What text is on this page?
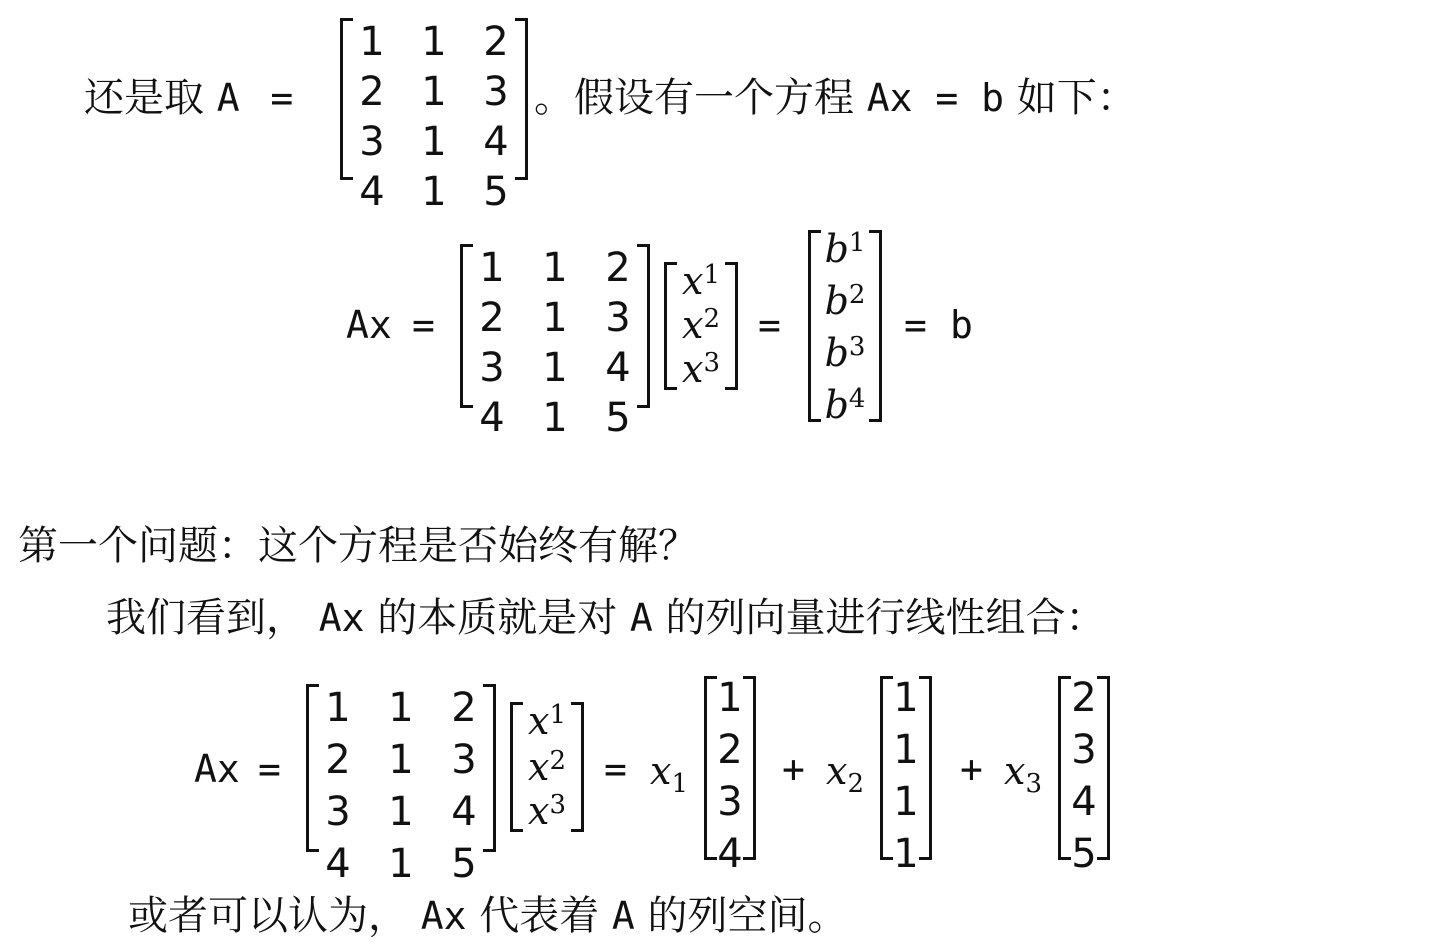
还是取 A =
1 1 2
2 1 3
3 1 4
4 1 5
。假设有一个方程 Ax = b 如下：
Ax =
1 1 2
2 1 3
3 1 4
4 1 5
x 1
x 2
x 3
=
b 1
b 2
b 3
b 4
= b
第一个问题：这个方程是否始终有解？
我们看到， Ax 的本质就是对 A 的列向量进行线性组合：
Ax =
1 1 2
2 1 3
3 1 4
4 1 5
x 1
x 2
x 3
= $x_1$
1
2
3
4
+ $x_2$
1
1
1
1
+ $x_3$
2
3
4
5
或者可以认为， Ax 代表着 A 的列空间。
